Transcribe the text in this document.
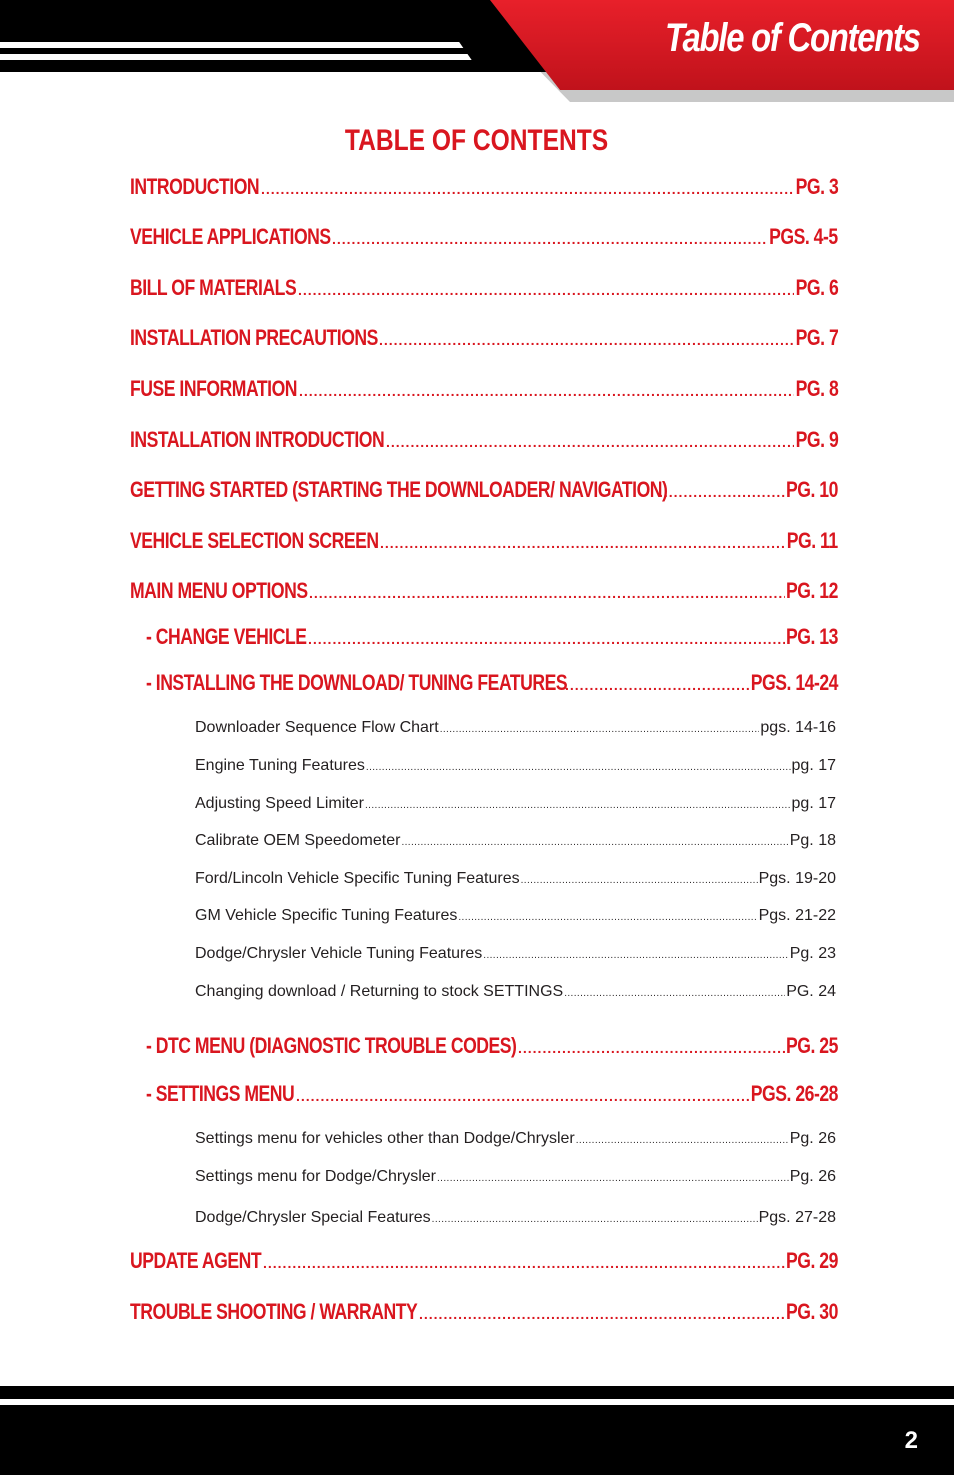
Table of Contents
TABLE OF CONTENTS
INTRODUCTION .....	PG. 3
VEHICLE APPLICATIONS .....	PGS. 4-5
BILL OF MATERIALS .....	PG. 6
INSTALLATION PRECAUTIONS .....	PG. 7
FUSE INFORMATION .....	PG. 8
INSTALLATION INTRODUCTION .....	PG. 9
GETTING STARTED (STARTING THE DOWNLOADER/ NAVIGATION) .....	PG. 10
VEHICLE SELECTION SCREEN .....	PG. 11
MAIN MENU OPTIONS .....	PG. 12
- CHANGE VEHICLE .....	PG. 13
- INSTALLING THE DOWNLOAD/ TUNING FEATURES .....	PGS. 14-24
Downloader Sequence Flow Chart .....	pgs. 14-16
Engine Tuning Features .....	pg. 17
Adjusting Speed Limiter .....	pg. 17
Calibrate OEM Speedometer .....	Pg. 18
Ford/Lincoln Vehicle Specific Tuning Features .....	Pgs. 19-20
GM Vehicle Specific Tuning Features .....	Pgs. 21-22
Dodge/Chrysler Vehicle Tuning Features .....	Pg. 23
Changing download / Returning to stock SETTINGS .....	PG. 24
- DTC MENU (DIAGNOSTIC TROUBLE CODES) .....	PG. 25
- SETTINGS MENU .....	PGS. 26-28
Settings menu for vehicles other than Dodge/Chrysler .....	Pg. 26
Settings menu for Dodge/Chrysler .....	Pg. 26
Dodge/Chrysler Special Features .....	Pgs. 27-28
UPDATE AGENT .....	PG. 29
TROUBLE SHOOTING / WARRANTY .....	PG. 30

2
